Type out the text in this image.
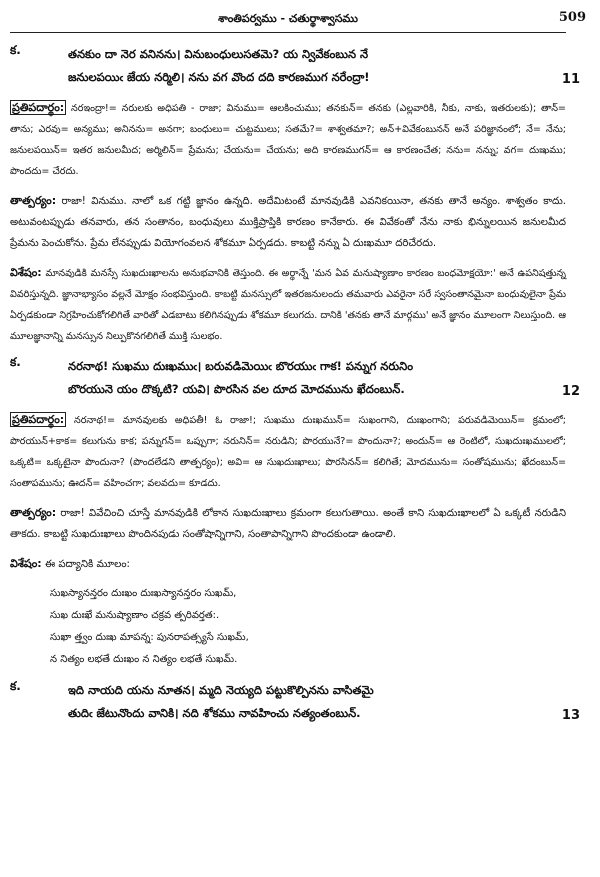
శాంతిపర్వము - చతుర్థాశ్వాసము	509
క.	తనకుం దా నెర వనినను। వినుబంధులుసతమె? య న్వివేకంబున నే
జనులపయిఁ జేయ నర్మిలి। నను వగ వొంద దది కారణముగ నరేంద్రా!	11

ప్రతిపదార్థం: నరఇంద్రా!= నరులకు అధిపతి - రాజా; వినుము= ఆలకించుము; తనకున్= తనకు (ఎల్లవారికి, నీకు, నాకు, ఇతరులకు); తాన్= తాను; ఎరవు= అన్యము; అనినను= అనగా; బంధులు= చుట్టములు; సతమే?= శాశ్వతమా?; అన్+వివేకంబునన్ అనే పరిజ్ఞానంలో; నే= నేను; జనులపయిన్= ఇతర జనులమీద; అర్మిలిన్= ప్రేమను; చేయను= చేయను; అది కారణముగన్= ఆ కారణంచేత; నను= నన్ను; వగ= దుఃఖము; పొందదు= చేరదు.

తాత్పర్యం: రాజా! వినుము. నాలో ఒక గట్టి జ్ఞానం ఉన్నది. అదేమిటంటే మానవుడికి ఎవనికయినా, తనకు తానే అన్యం. శాశ్వతం కాదు. అటువంటప్పుడు తనవారు, తన సంతానం, బంధువులు ముక్తిప్రాప్తికి కారణం కానేకారు. ఈ వివేకంతో నేను నాకు భిన్నులయిన జనులమీద ప్రేమను పెంచుకోను. ప్రేమ లేనప్పుడు వియోగంవలన శోకమూ ఏర్పడదు. కాబట్టి నన్ను ఏ దుఃఖమూ దరిచేరదు.

విశేషం: మానవుడికి మనస్సే సుఖదుఃఖాలను అనుభవానికి తెస్తుంది. ఈ అర్థాన్నే 'మన ఏవ మనుష్యాణాం కారణం బంధమోక్షయో:' అనే ఉపనిషత్తున్న వివరిస్తున్నది. జ్ఞానాభ్యాసం వల్లనే మోక్షం సంభవిస్తుంది. కాబట్టి మనస్సులో ఇతరజనులందు తమవారు ఎవరైనా సరే స్వసంతానమైనా బంధువులైనా ప్రేమ ఏర్పడకుండా నిగ్రహించుకోగలిగితే వారితో ఎడబాటు కలిగినప్పుడు శోకమూ కలుగదు. దానికి 'తనకు తానే మార్గము' అనే జ్ఞానం మూలంగా నిలుస్తుంది. ఆ మూలజ్ఞానాన్ని మనస్సున నిల్పుకొనగలిగితే ముక్తి సులభం.

క.	నరనాథ! సుఖము దుఃఖముఁ। బరువడిమెయిఁ బొరయుఁ గాక! పన్నుగ నరునిం
బొరయునె యం దొక్కటి? యవి। పొరసిన వల దూద మోదమును ఖేదంబున్.	12

ప్రతిపదార్థం: నరనాథ!= మానవులకు అధిపతీ! ఓ రాజా!; సుఖము దుఃఖమున్= సుఖంగాని, దుఃఖంగాని; పరువడిమెయిన్= క్రమంలో; పొరయున్+కాక= కలుగును కాక; పన్నుగన్= ఒప్పుగా; నరునిన్= నరుడిని; పొరయునే?= పొందునా?; అందున్= ఆ రెంటిలో, సుఖదుఃఖములలో; ఒక్కటి= ఒక్కటైనా పొందునా? (పొందలేడని తాత్పర్యం); అవి= ఆ సుఖదుఃఖాలు; పొరసినన్= కలిగితే; మోదమును= సంతోషమును; ఖేదంబున్= సంతాపమును; ఊదన్= వహించగా; వలవదు= కూడదు.

తాత్పర్యం: రాజా! వివేచించి చూస్తే మానవుడికి లోకాన సుఖదుఃఖాలు క్రమంగా కలుగుతాయి. అంతే కాని సుఖదుఃఖాలలో ఏ ఒక్కటీ నరుడిని తాకదు. కాబట్టి సుఖదుఃఖాలు పొందినపుడు సంతోషాన్నిగాని, సంతాపాన్నిగాని పొందకుండా ఉండాలి.

విశేషం: ఈ పద్యానికి మూలం:

సుఖస్యానన్తరం దుఃఖం దుఃఖస్యానన్తరం సుఖమ్,
సుఖ దుఃఖే మనుష్యాణాం చక్రవ త్పరివర్తత:.
సుఖా త్త్వం దుఃఖ మాపన్న: పునరాపత్స్యసే సుఖమ్,
న నిత్యం లభతే దుఃఖం న నిత్యం లభతే సుఖమ్.
క.	ఇది నాయది యను నూతన। మ్మది నెయ్యది పట్టుకొల్పినను వాసితమై
తుదిఁ జేటునొందు వానికి। నది శోకము నావహించు నత్యంతంబున్.	13
